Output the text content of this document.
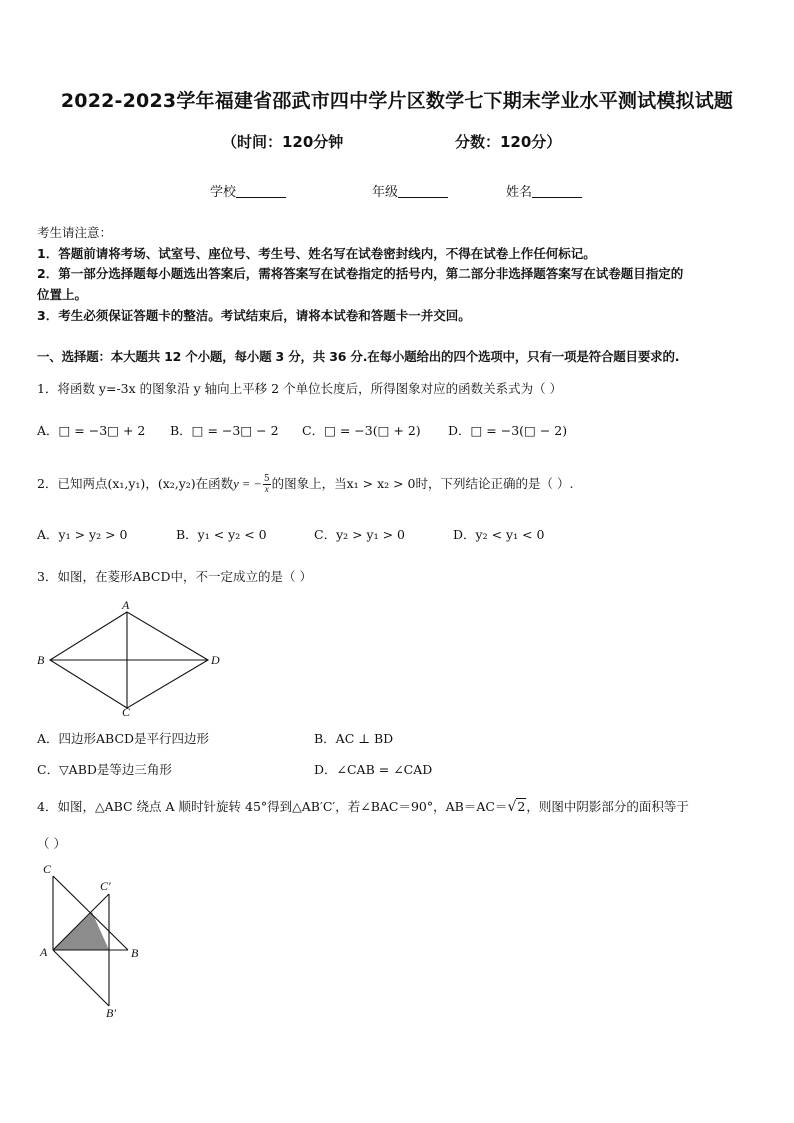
2022-2023学年福建省邵武市四中学片区数学七下期末学业水平测试模拟试题
（时间：120分钟	分数：120分）
学校	年级	姓名
考生请注意：
1．答题前请将考场、试室号、座位号、考生号、姓名写在试卷密封线内，不得在试卷上作任何标记。
2．第一部分选择题每小题选出答案后，需将答案写在试卷指定的括号内，第二部分非选择题答案写在试卷题目指定的
位置上。
3．考生必须保证答题卡的整洁。考试结束后，请将本试卷和答题卡一并交回。
一、选择题：本大题共 12 个小题，每小题 3 分，共 36 分.在每小题给出的四个选项中，只有一项是符合题目要求的.
1．将函数 y=-3x 的图象沿 y 轴向上平移 2 个单位长度后，所得图象对应的函数关系式为（ ）
A．□ = −3□ + 2 B．□ = −3□ − 2 C．□ = −3(□ + 2) D．□ = −3(□ − 2)
2．已知两点(x₁,y₁)，(x₂,y₂)在函数y = − $\frac{5}{x}$ 的图象上，当x₁ > x₂ > 0时，下列结论正确的是（ ）.
A．y₁ > y₂ > 0	B．y₁ < y₂ < 0	C．y₂ > y₁ > 0	D．y₂ < y₁ < 0
3．如图，在菱形ABCD中，不一定成立的是（ ）
A
B
C
D
A．四边形ABCD是平行四边形	B．AC ⊥ BD
C．▽ABD是等边三角形	D．∠CAB = ∠CAD
4．如图，△ABC 绕点 A 顺时针旋转 45°得到△AB′C′，若∠BAC＝90°，AB＝AC＝√2，则图中阴影部分的面积等于
（ ）
C
C′
A	B
B′
